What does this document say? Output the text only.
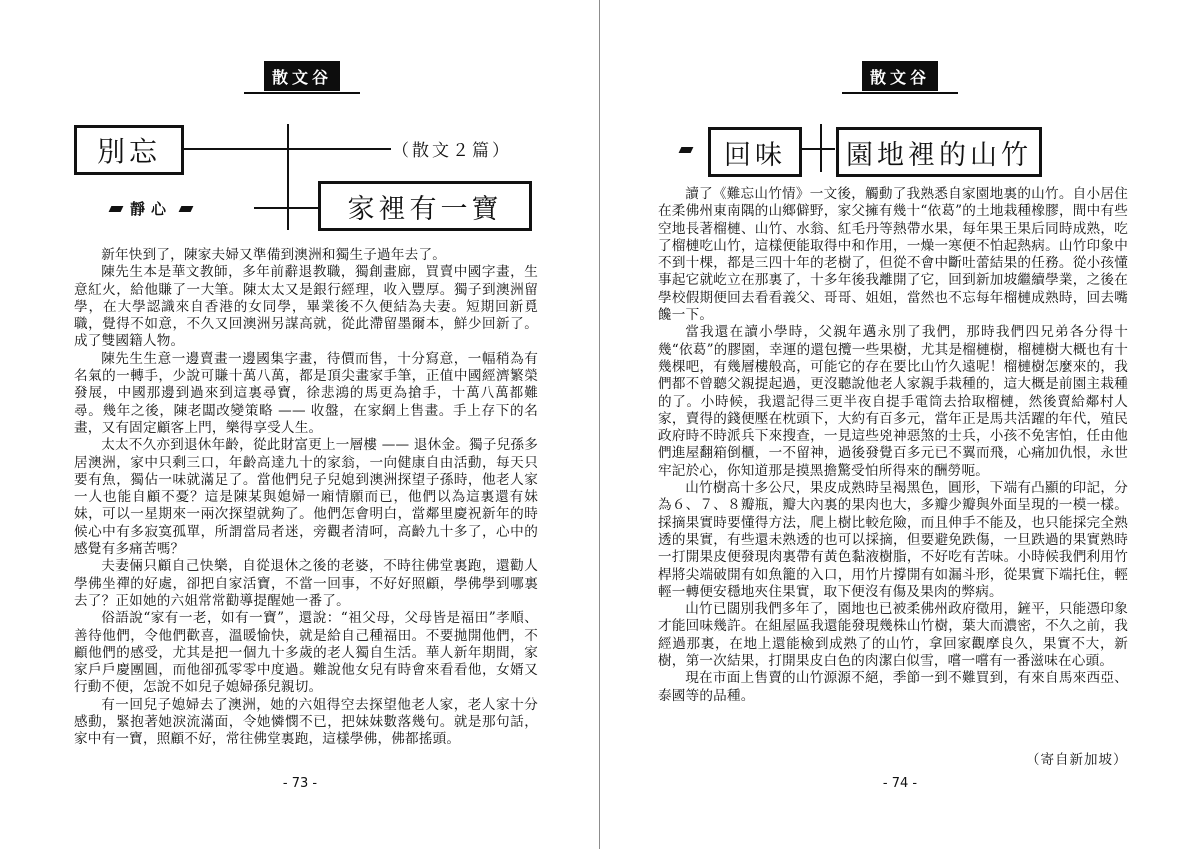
散文谷
別忘	（散文２篇）
靜心	家裡有一寶

新年快到了，陳家夫婦又準備到澳洲和獨生子過年去了。

陳先生本是華文教師，多年前辭退教職，獨創畫廊，買賣中國字畫，生意紅火，給他賺了一大筆。陳太太又是銀行經理，收入豐厚。獨子到澳洲留學，在大學認識來自香港的女同學，畢業後不久便結為夫妻。短期回新覓職，覺得不如意，不久又回澳洲另謀高就，從此滯留墨爾本，鮮少回新了。成了雙國籍人物。

陳先生生意一邊賣畫一邊國集字畫，待價而售，十分寫意，一幅稍為有名氣的一轉手，少說可賺十萬八萬，都是頂尖畫家手筆，正值中國經濟繁榮發展，中國那邊到過來到這裏尋寶，徐悲鴻的馬更為搶手，十萬八萬都難尋。幾年之後，陳老闆改變策略 —— 收盤，在家網上售畫。手上存下的名畫，又有固定顧客上門，樂得享受人生。

太太不久亦到退休年齡，從此財富更上一層樓 —— 退休金。獨子兒孫多居澳洲，家中只剩三口，年齡高達九十的家翁，一向健康自由活動，每天只要有魚，獨佔一味就滿足了。當他們兒子兒媳到澳洲探望子孫時，他老人家一人也能自顧不憂？這是陳某與媳婦一廂情願而已，他們以為這裏還有妹妹，可以一星期來一兩次探望就夠了。他們怎會明白，當鄰里慶祝新年的時候心中有多寂寞孤單，所謂當局者迷，旁觀者清呵，高齡九十多了，心中的感覺有多痛苦嗎？

夫妻倆只顧自己快樂，自從退休之後的老婆，不時往佛堂裏跑，還勸人學佛坐禪的好處，卻把自家活寶，不當一回事，不好好照顧，學佛學到哪裏去了？正如她的六姐常常勸導提醒她一番了。

俗語說“家有一老，如有一寶”，還說：“祖父母，父母皆是福田”孝順、善待他們，令他們歡喜，溫暖愉快，就是給自己種福田。不要拋開他們，不顧他們的感受，尤其是把一個九十多歲的老人獨自生活。華人新年期間，家家戶戶慶團圓，而他卻孤零零中度過。難說他女兒有時會來看看他，女婿又行動不便，怎說不如兒子媳婦孫兒親切。

有一回兒子媳婦去了澳洲，她的六姐得空去探望他老人家，老人家十分感動，緊抱著她淚流滿面，令她憐憫不已，把妹妹數落幾句。就是那句話，家中有一寶，照顧不好，常往佛堂裏跑，這樣學佛，佛都搖頭。

- 73 -
散文谷
回味 園地裡的山竹

讀了《難忘山竹情》一文後，觸動了我熟悉自家園地裏的山竹。自小居住在柔佛州東南隅的山鄉僻野，家父擁有幾十“依葛”的土地栽種橡膠，間中有些空地長著榴槤、山竹、水翁、紅毛丹等熱帶水果，每年果王果后同時成熟，吃了榴槤吃山竹，這樣便能取得中和作用，一燥一寒便不怕起熱病。山竹印象中不到十棵，都是三四十年的老樹了，但從不會中斷吐蕾結果的任務。從小孩懂事起它就屹立在那裏了，十多年後我離開了它，回到新加坡繼續學業，之後在學校假期便回去看看義父、哥哥、姐姐，當然也不忘每年榴槤成熟時，回去嘴饞一下。

當我還在讀小學時，父親年邁永別了我們，那時我們四兄弟各分得十幾“依葛”的膠園，幸運的還包攬一些果樹，尤其是榴槤樹，榴槤樹大概也有十幾棵吧，有幾層樓般高，可能它的存在要比山竹久遠呢！榴槤樹怎麼來的，我們都不曾聽父親提起過，更沒聽說他老人家親手栽種的，這大概是前園主栽種的了。小時候，我還記得三更半夜自提手電筒去拾取榴槤，然後賣給鄰村人家，賣得的錢便壓在枕頭下，大約有百多元，當年正是馬共活躍的年代，殖民政府時不時派兵下來搜查，一見這些兇神惡煞的士兵，小孩不免害怕，任由他們進屋翻箱倒櫃，一不留神，過後發覺百多元已不翼而飛，心痛加仇恨，永世牢記於心，你知道那是摸黑擔驚受怕所得來的酬勞呃。

山竹樹高十多公尺，果皮成熟時呈褐黑色，圓形，下端有凸顯的印記，分為６、７、８瓣瓶，瓣大內裏的果肉也大，多瓣少瓣與外面呈現的一模一樣。採摘果實時要懂得方法，爬上樹比較危險，而且伸手不能及，也只能採完全熟透的果實，有些還未熟透的也可以採摘，但要避免跌傷，一旦跌過的果實熟時一打開果皮便發現肉裏帶有黃色黏液樹脂，不好吃有苦味。小時候我們利用竹桿將尖端破開有如魚籠的入口，用竹片撐開有如漏斗形，從果實下端托住，輕輕一轉便安穩地夾住果實，取下便沒有傷及果肉的弊病。

山竹已闊別我們多年了，園地也已被柔佛州政府徵用，鏟平，只能憑印象才能回味幾許。在組屋區我還能發現幾株山竹樹，葉大而濃密，不久之前，我經過那裏，在地上還能檢到成熟了的山竹，拿回家觀摩良久，果實不大，新樹，第一次結果，打開果皮白色的肉潔白似雪，嚐一嚐有一番滋味在心頭。

現在市面上售賣的山竹源源不絕，季節一到不難買到，有來自馬來西亞、泰國等的品種。

（寄自新加坡）
- 74 -
